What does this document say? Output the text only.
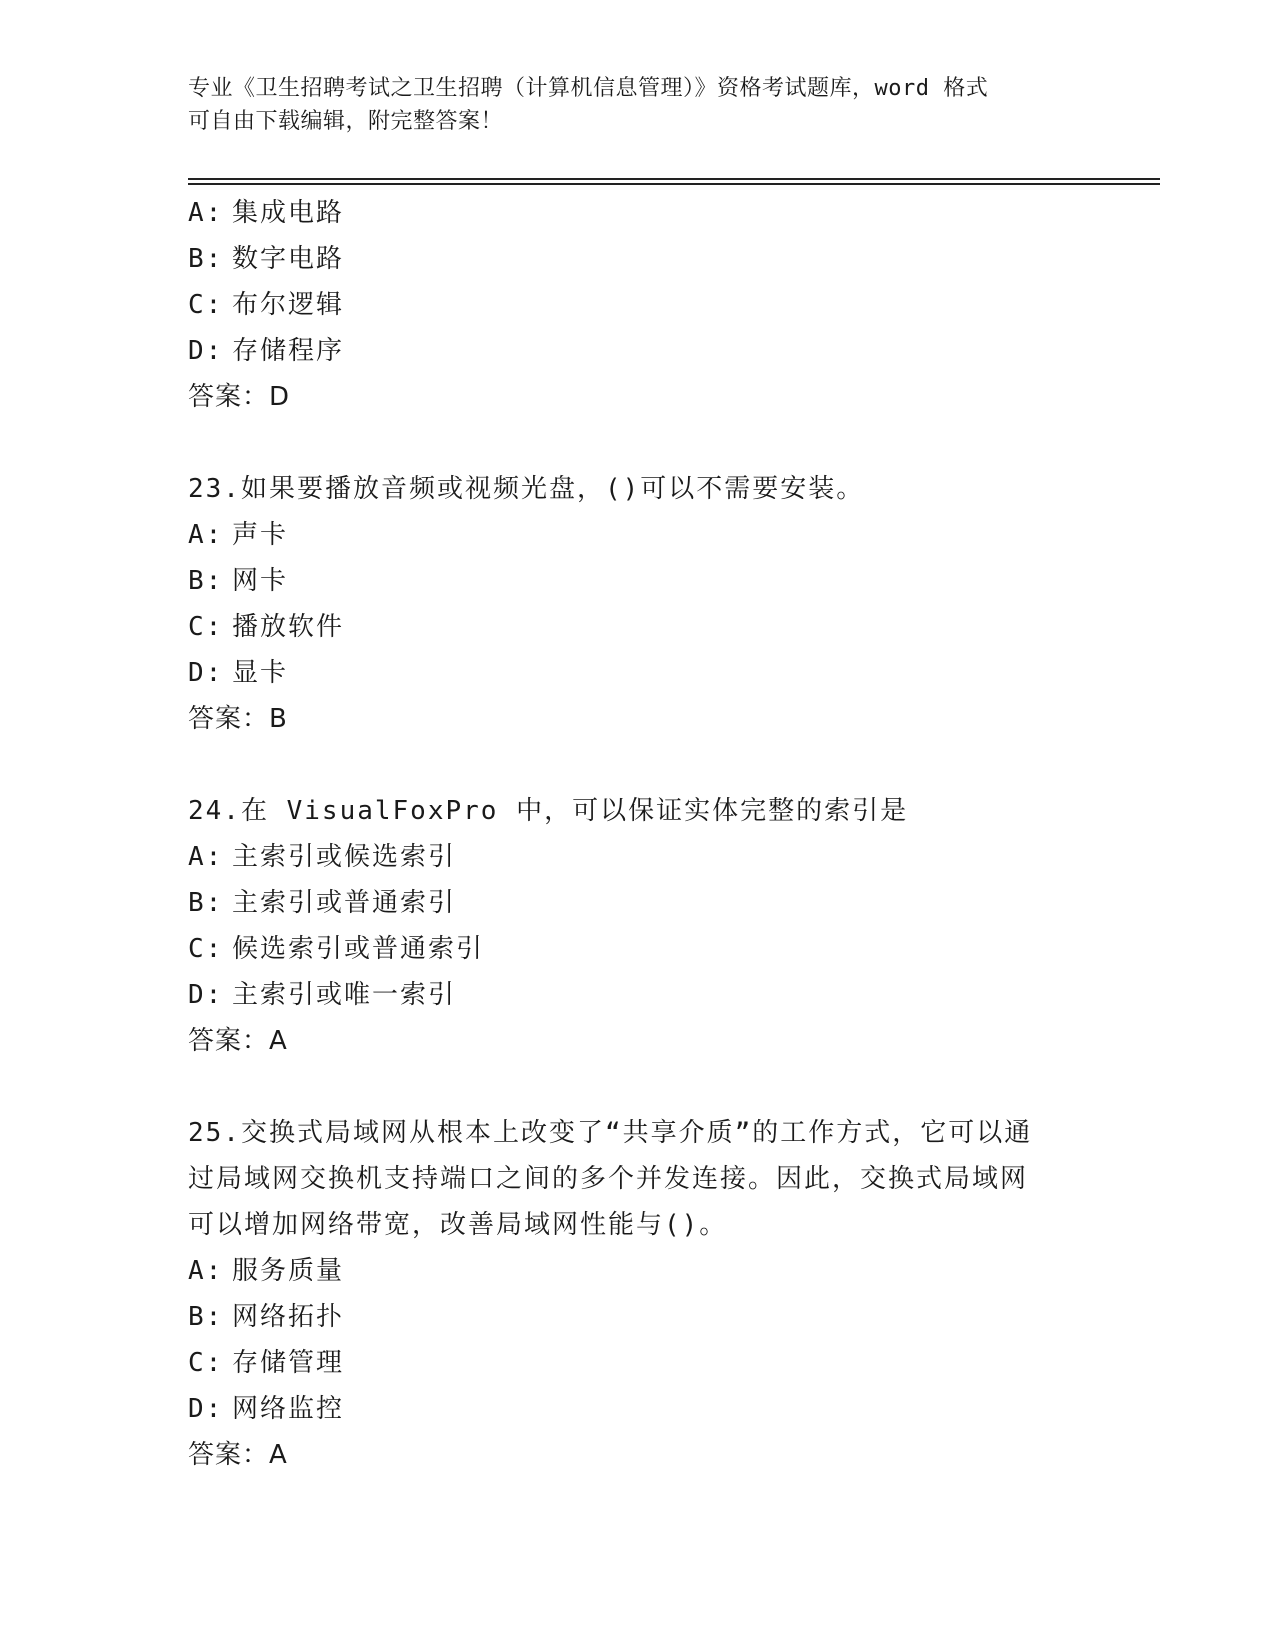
专业《卫生招聘考试之卫生招聘（计算机信息管理）》资格考试题库，word 格式
可自由下载编辑，附完整答案！
A: 集成电路
B: 数字电路
C: 布尔逻辑
D: 存储程序
答案：D
23.如果要播放音频或视频光盘，()可以不需要安装。
A: 声卡
B: 网卡
C: 播放软件
D: 显卡
答案：B
24.在 VisualFoxPro 中，可以保证实体完整的索引是
A: 主索引或候选索引
B: 主索引或普通索引
C: 候选索引或普通索引
D: 主索引或唯一索引
答案：A
25.交换式局域网从根本上改变了“共享介质”的工作方式，它可以通
过局域网交换机支持端口之间的多个并发连接。因此，交换式局域网
可以增加网络带宽，改善局域网性能与()。
A: 服务质量
B: 网络拓扑
C: 存储管理
D: 网络监控
答案：A
